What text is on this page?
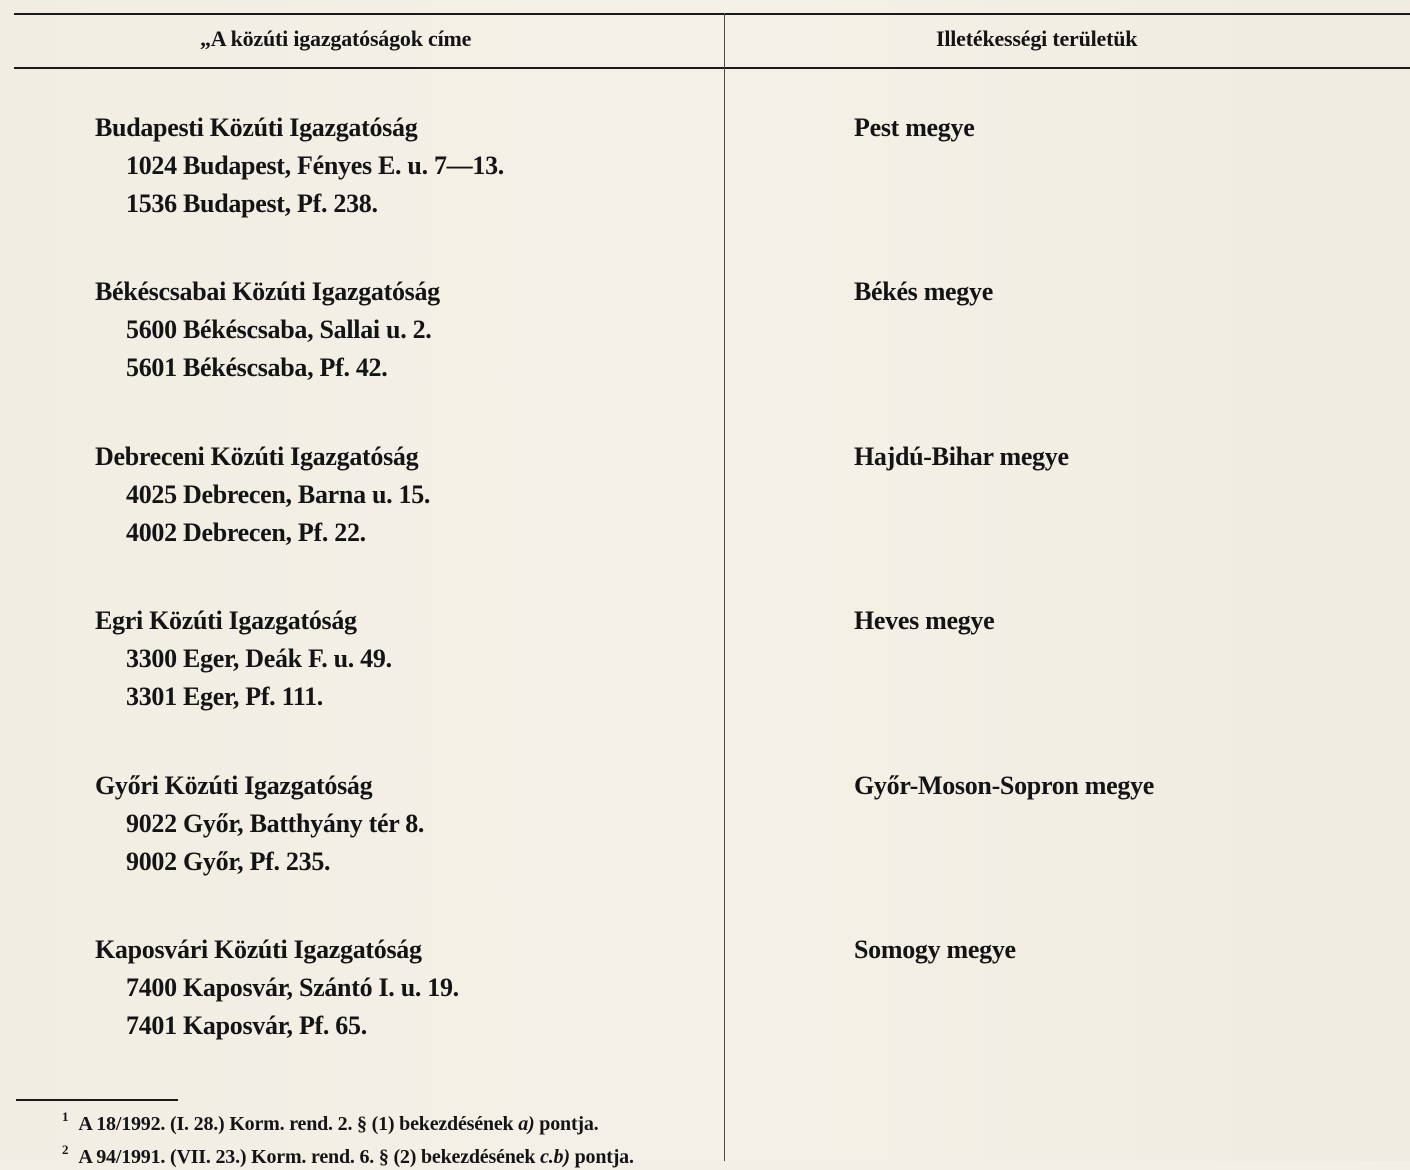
„A közúti igazgatóságok címe	Illetékességi területük
Budapesti Közúti Igazgatóság
1024 Budapest, Fényes E. u. 7—13.
1536 Budapest, Pf. 238.
Pest megye
Békéscsabai Közúti Igazgatóság
5600 Békéscsaba, Sallai u. 2.
5601 Békéscsaba, Pf. 42.
Békés megye
Debreceni Közúti Igazgatóság
4025 Debrecen, Barna u. 15.
4002 Debrecen, Pf. 22.
Hajdú-Bihar megye
Egri Közúti Igazgatóság
3300 Eger, Deák F. u. 49.
3301 Eger, Pf. 111.
Heves megye
Győri Közúti Igazgatóság
9022 Győr, Batthyány tér 8.
9002 Győr, Pf. 235.
Győr-Moson-Sopron megye
Kaposvári Közúti Igazgatóság
7400 Kaposvár, Szántó I. u. 19.
7401 Kaposvár, Pf. 65.
Somogy megye
$^1$ A 18/1992. (I. 28.) Korm. rend. 2. § (1) bekezdésének a) pontja.
$^2$ A 94/1991. (VII. 23.) Korm. rend. 6. § (2) bekezdésének c.b) pontja.
